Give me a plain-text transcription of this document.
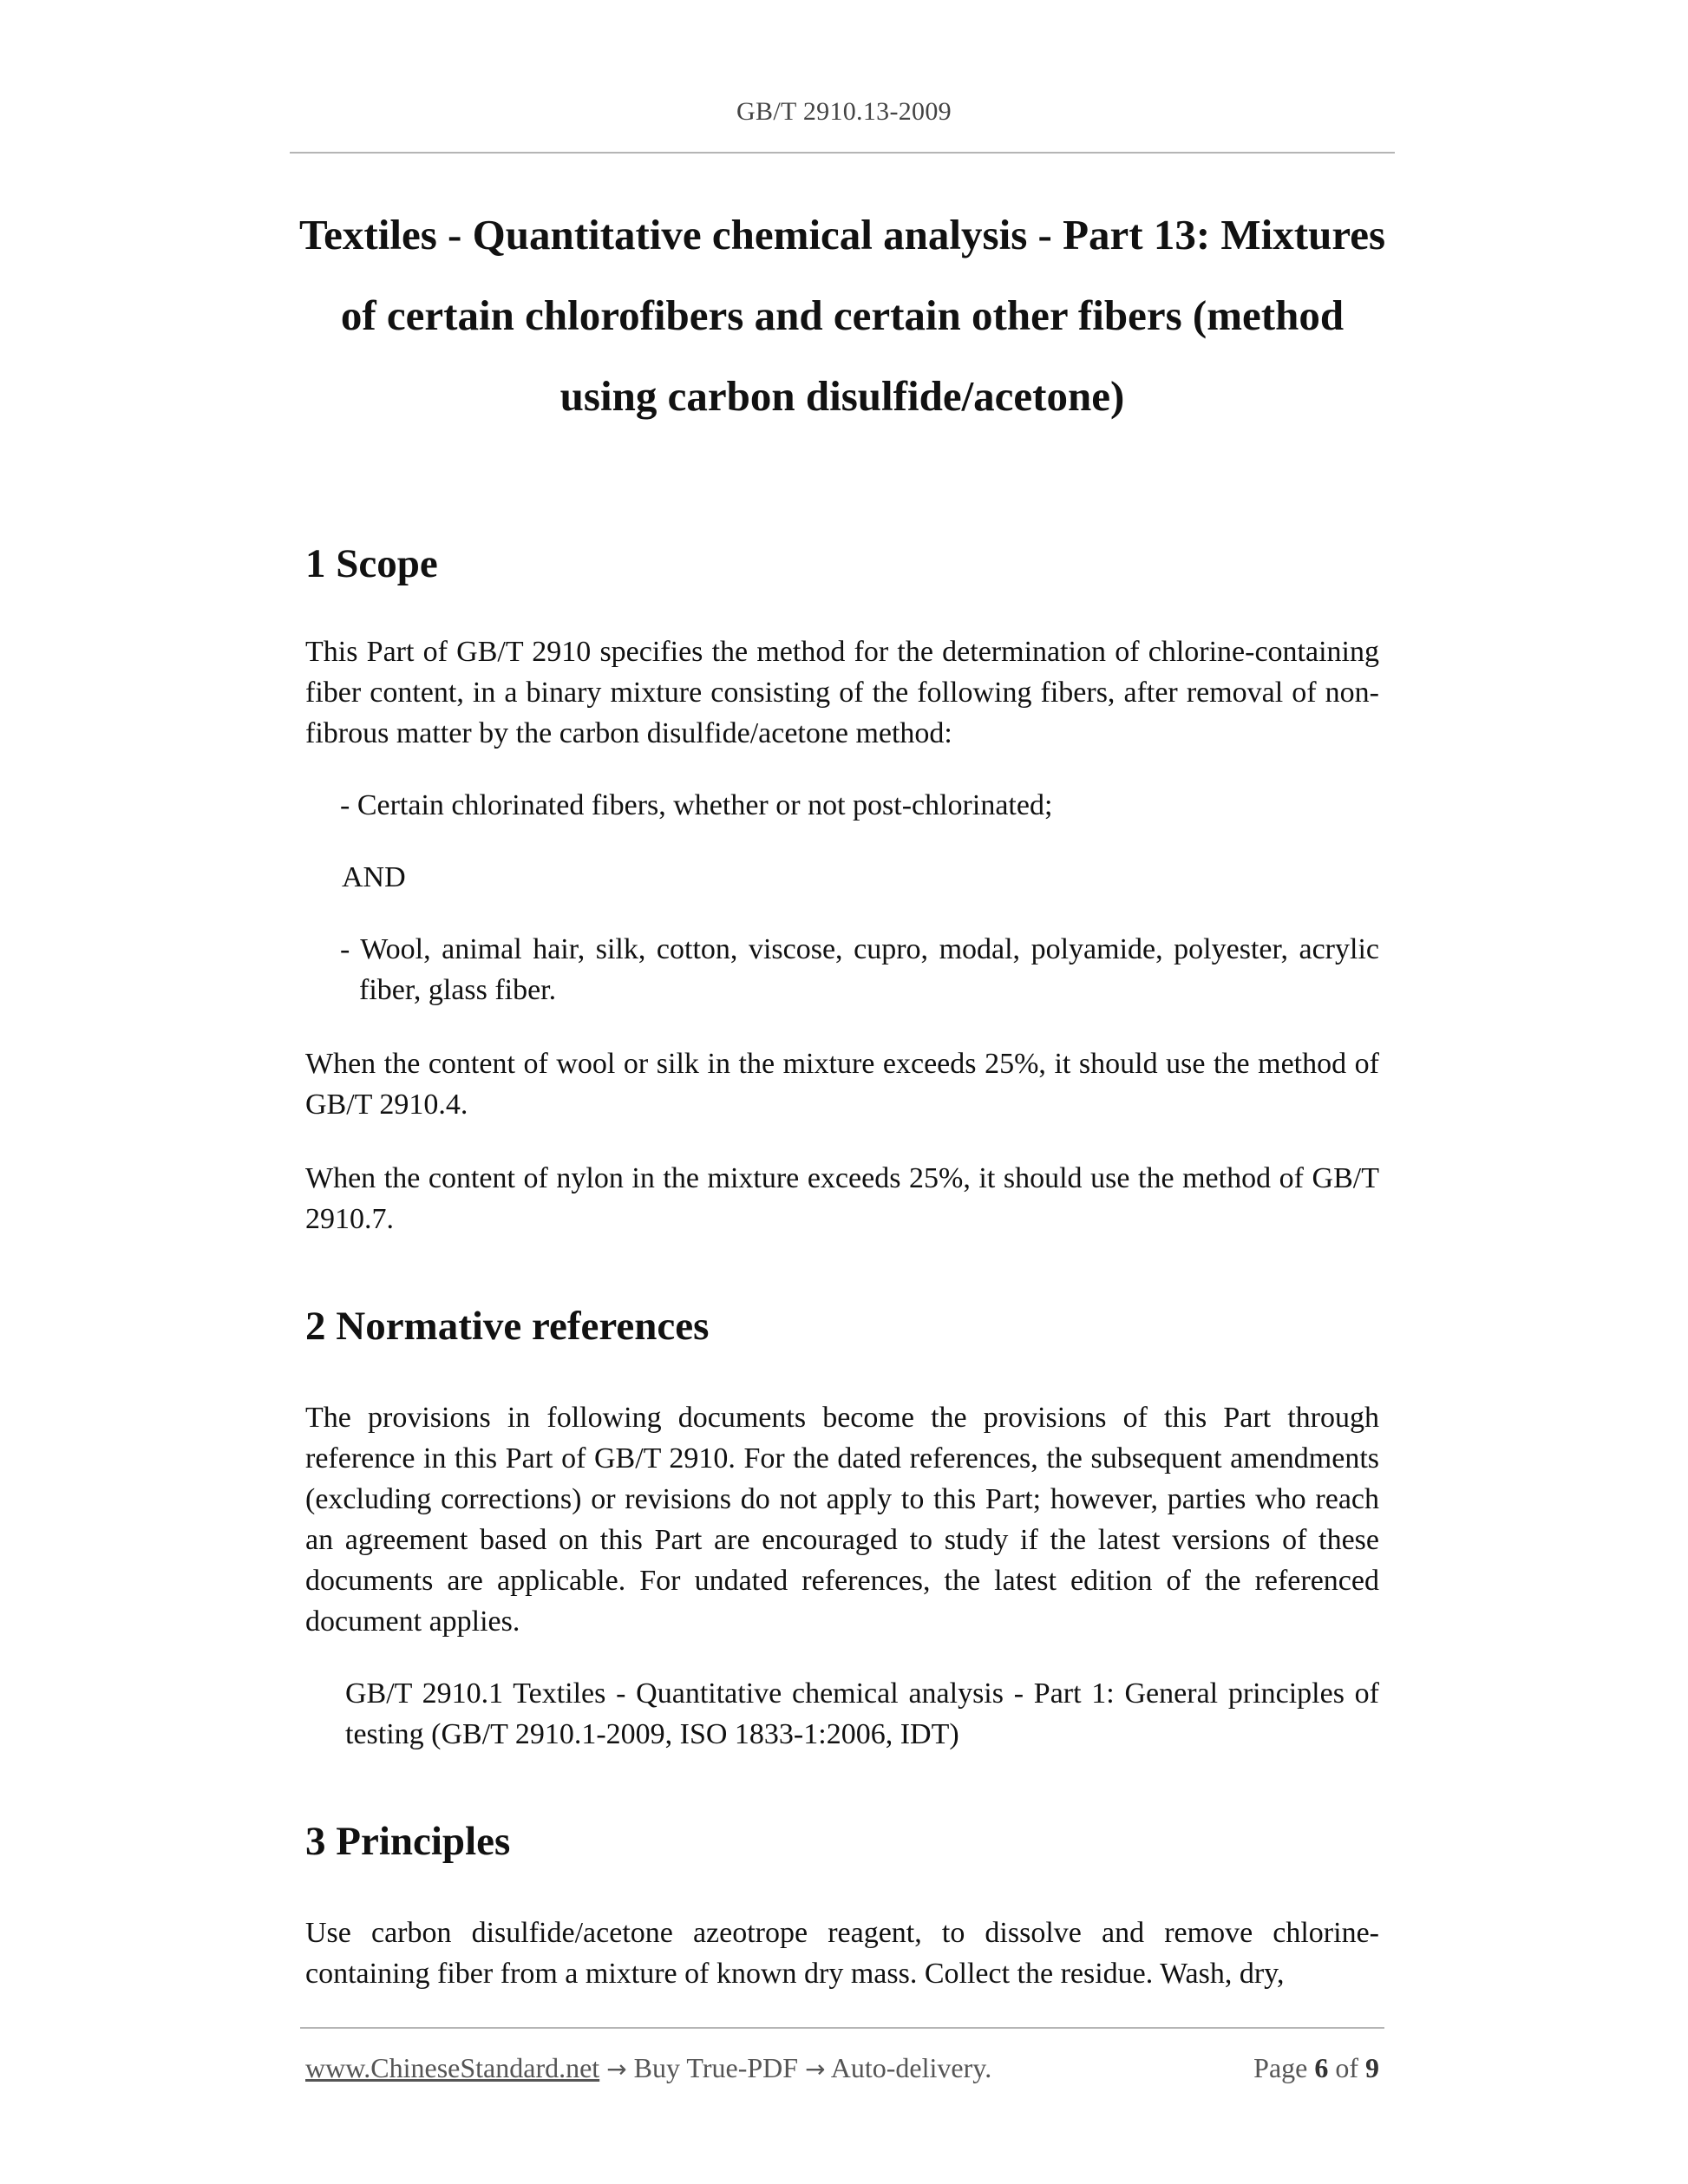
GB/T 2910.13-2009
Textiles - Quantitative chemical analysis - Part 13: Mixtures
of certain chlorofibers and certain other fibers (method
using carbon disulfide/acetone)
1 Scope

This Part of GB/T 2910 specifies the method for the determination of chlorine-containing fiber content, in a binary mixture consisting of the following fibers, after removal of non-fibrous matter by the carbon disulfide/acetone method:

- Certain chlorinated fibers, whether or not post-chlorinated;

AND

- Wool, animal hair, silk, cotton, viscose, cupro, modal, polyamide, polyester, acrylic fiber, glass fiber.

When the content of wool or silk in the mixture exceeds 25%, it should use the method of GB/T 2910.4.

When the content of nylon in the mixture exceeds 25%, it should use the method of GB/T 2910.7.

2 Normative references

The provisions in following documents become the provisions of this Part through reference in this Part of GB/T 2910. For the dated references, the subsequent amendments (excluding corrections) or revisions do not apply to this Part; however, parties who reach an agreement based on this Part are encouraged to study if the latest versions of these documents are applicable. For undated references, the latest edition of the referenced document applies.

GB/T 2910.1 Textiles - Quantitative chemical analysis - Part 1: General principles of testing (GB/T 2910.1-2009, ISO 1833-1:2006, IDT)

3 Principles

Use carbon disulfide/acetone azeotrope reagent, to dissolve and remove chlorine-containing fiber from a mixture of known dry mass. Collect the residue. Wash, dry,

www.ChineseStandard.net → Buy True-PDF → Auto-delivery.	Page 6 of 9
